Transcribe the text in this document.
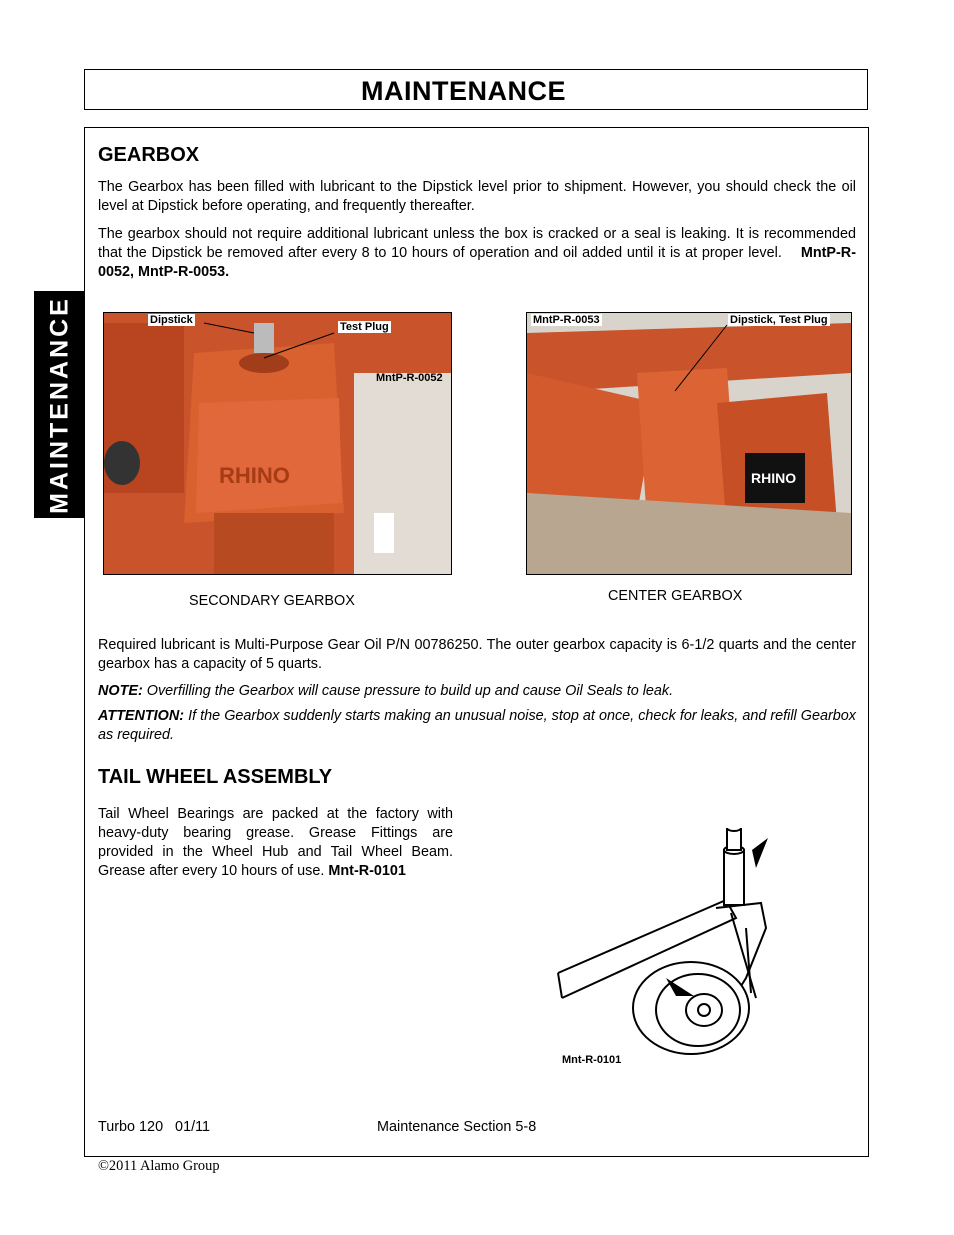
MAINTENANCE
MAINTENANCE
GEARBOX

The Gearbox has been filled with lubricant to the Dipstick level prior to shipment. However, you should check the oil level at Dipstick before operating, and frequently thereafter.

The gearbox should not require additional lubricant unless the box is cracked or a seal is leaking. It is recommended that the Dipstick be removed after every 8 to 10 hours of operation and oil added until it is at proper level. MntP-R-0052, MntP-R-0053.

RHINO
Dipstick
Test Plug
MntP-R-0052
SECONDARY GEARBOX
RHINO
MntP-R-0053	Dipstick, Test Plug
CENTER GEARBOX

Required lubricant is Multi-Purpose Gear Oil P/N 00786250. The outer gearbox capacity is 6-1/2 quarts and the center gearbox has a capacity of 5 quarts.

NOTE: Overfilling the Gearbox will cause pressure to build up and cause Oil Seals to leak.

ATTENTION: If the Gearbox suddenly starts making an unusual noise, stop at once, check for leaks, and refill Gearbox as required.

TAIL WHEEL ASSEMBLY

Tail Wheel Bearings are packed at the factory with heavy-duty bearing grease. Grease Fittings are provided in the Wheel Hub and Tail Wheel Beam. Grease after every 10 hours of use. Mnt-R-0101

Mnt-R-0101
Turbo 120   01/11	Maintenance Section 5-8
©2011 Alamo Group
